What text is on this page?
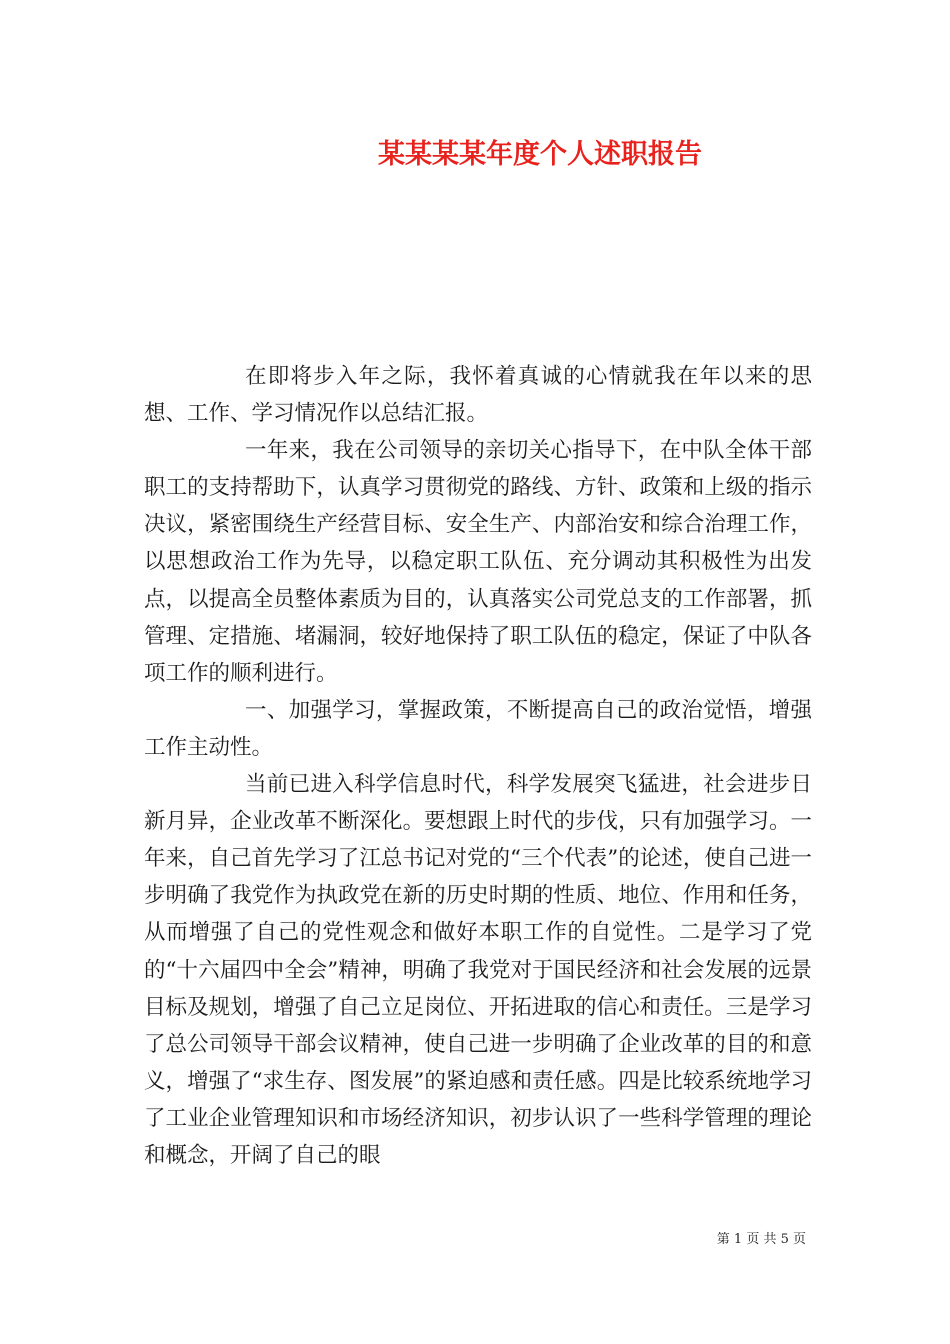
某某某某年度个人述职报告

在即将步入年之际，我怀着真诚的心情就我在年以来的思想、工作、学习情况作以总结汇报。

一年来，我在公司领导的亲切关心指导下，在中队全体干部职工的支持帮助下，认真学习贯彻党的路线、方针、政策和上级的指示决议，紧密围绕生产经营目标、安全生产、内部治安和综合治理工作，以思想政治工作为先导，以稳定职工队伍、充分调动其积极性为出发点，以提高全员整体素质为目的，认真落实公司党总支的工作部署，抓管理、定措施、堵漏洞，较好地保持了职工队伍的稳定，保证了中队各项工作的顺利进行。

一、加强学习，掌握政策，不断提高自己的政治觉悟，增强工作主动性。

当前已进入科学信息时代，科学发展突飞猛进，社会进步日新月异，企业改革不断深化。要想跟上时代的步伐，只有加强学习。一年来，自己首先学习了江总书记对党的“三个代表”的论述，使自己进一步明确了我党作为执政党在新的历史时期的性质、地位、作用和任务，从而增强了自己的党性观念和做好本职工作的自觉性。二是学习了党的“十六届四中全会”精神，明确了我党对于国民经济和社会发展的远景目标及规划，增强了自己立足岗位、开拓进取的信心和责任。三是学习了总公司领导干部会议精神，使自己进一步明确了企业改革的目的和意义，增强了“求生存、图发展”的紧迫感和责任感。四是比较系统地学习了工业企业管理知识和市场经济知识，初步认识了一些科学管理的理论和概念，开阔了自己的眼

第 1 页 共 5 页
